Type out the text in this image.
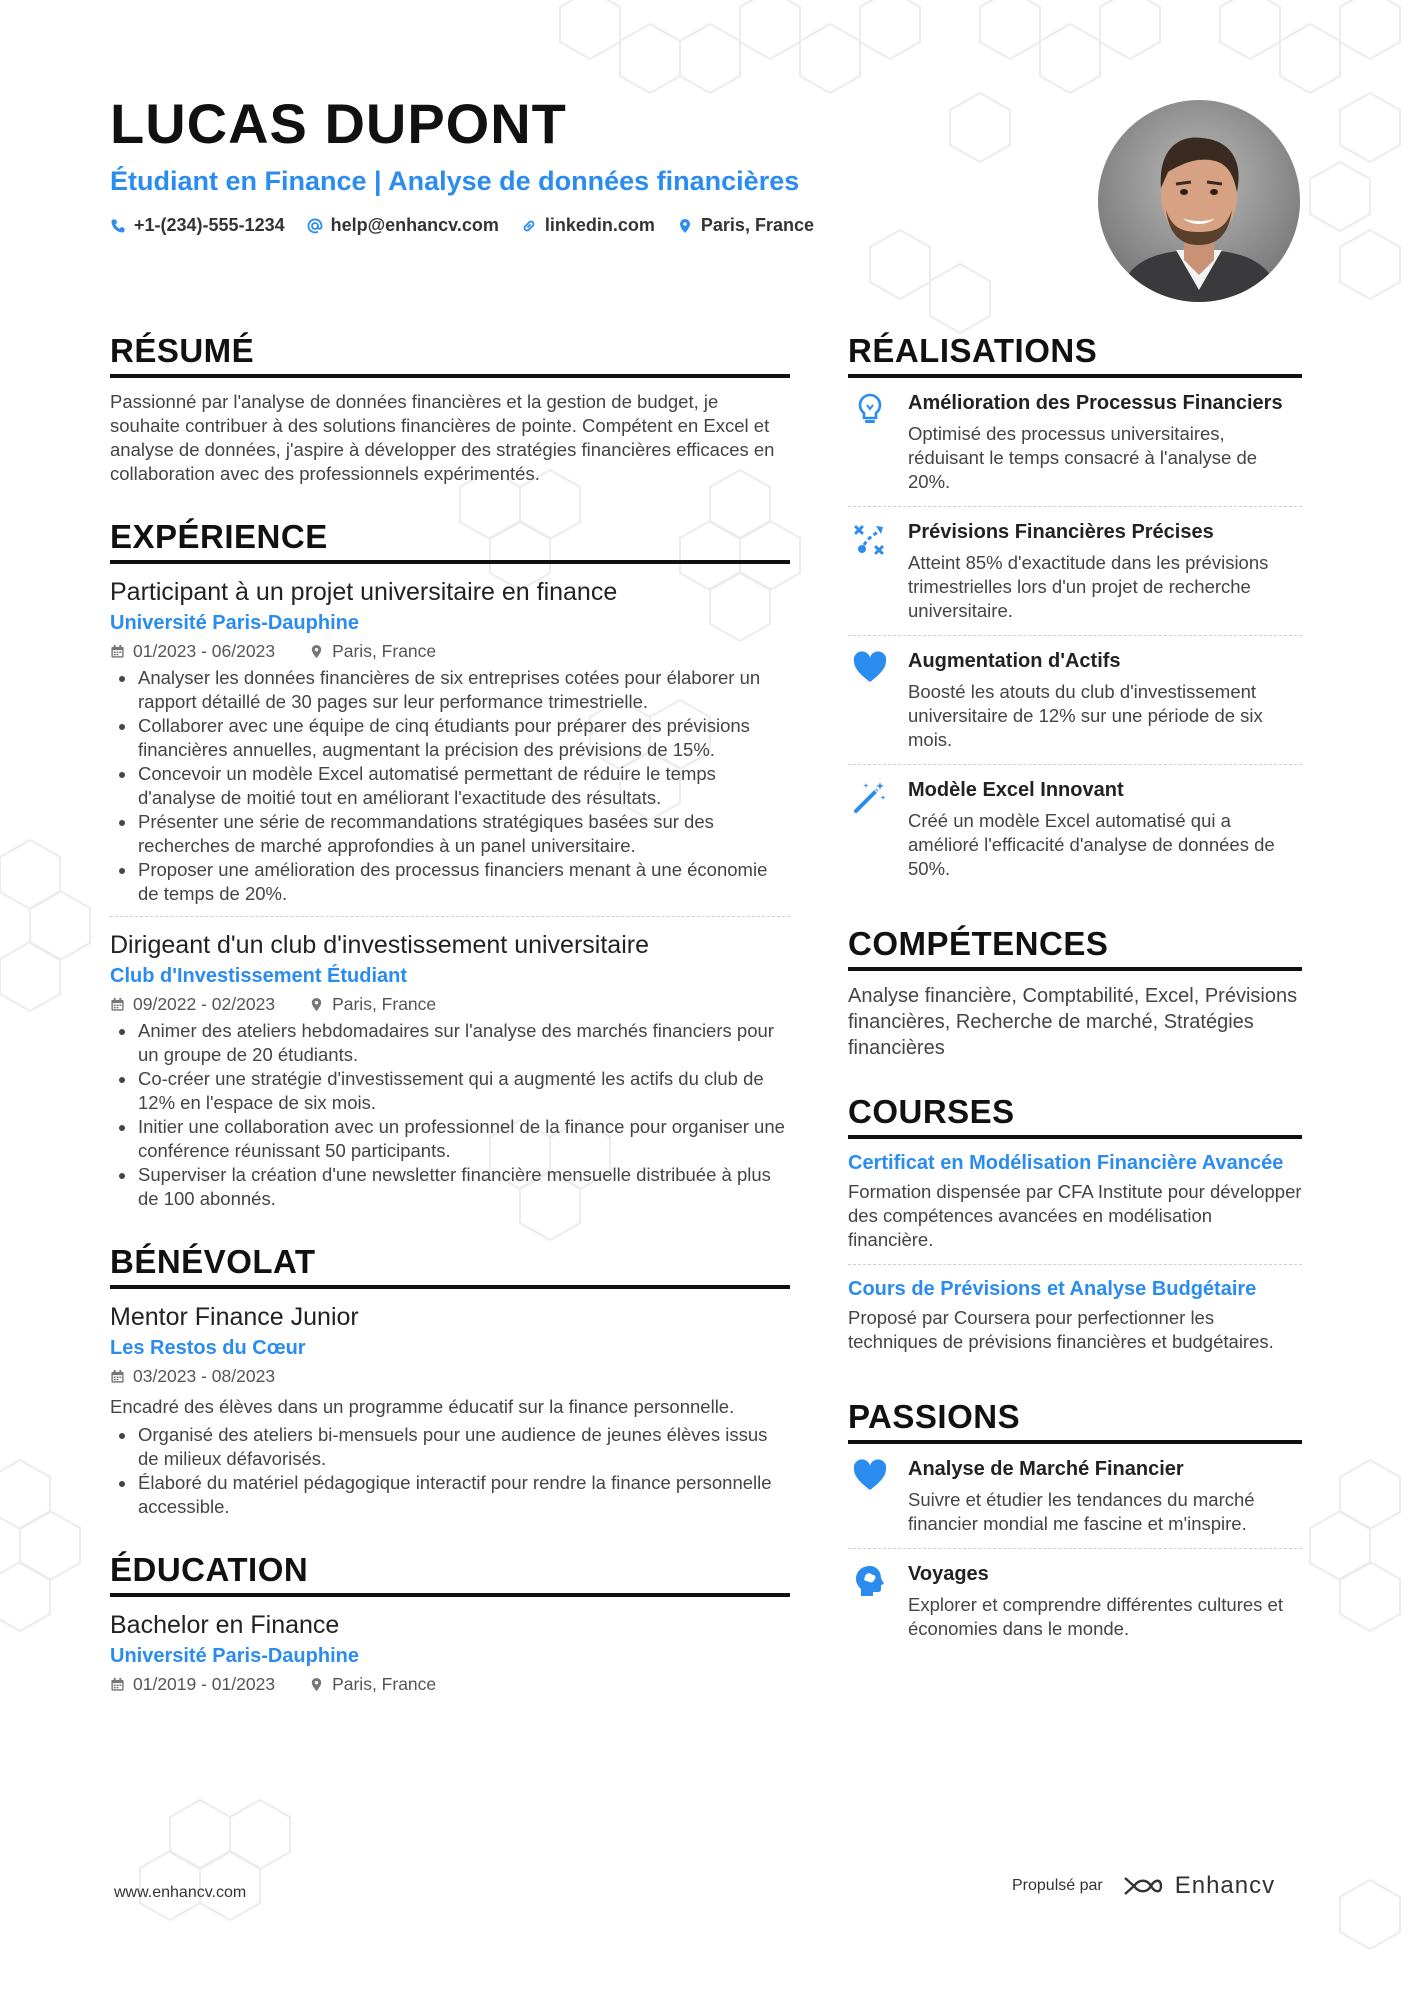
LUCAS DUPONT
Étudiant en Finance | Analyse de données financières
+1-(234)-555-1234	help@enhancv.com	linkedin.com	Paris, France
RÉSUMÉ
Passionné par l'analyse de données financières et la gestion de budget, je souhaite contribuer à des solutions financières de pointe. Compétent en Excel et analyse de données, j'aspire à développer des stratégies financières efficaces en collaboration avec des professionnels expérimentés.
EXPÉRIENCE
Participant à un projet universitaire en finance
Université Paris-Dauphine
01/2023 - 06/2023	Paris, France
Analyser les données financières de six entreprises cotées pour élaborer un rapport détaillé de 30 pages sur leur performance trimestrielle.
Collaborer avec une équipe de cinq étudiants pour préparer des prévisions financières annuelles, augmentant la précision des prévisions de 15%.
Concevoir un modèle Excel automatisé permettant de réduire le temps d'analyse de moitié tout en améliorant l'exactitude des résultats.
Présenter une série de recommandations stratégiques basées sur des recherches de marché approfondies à un panel universitaire.
Proposer une amélioration des processus financiers menant à une économie de temps de 20%.
Dirigeant d'un club d'investissement universitaire
Club d'Investissement Étudiant
09/2022 - 02/2023	Paris, France
Animer des ateliers hebdomadaires sur l'analyse des marchés financiers pour un groupe de 20 étudiants.
Co-créer une stratégie d'investissement qui a augmenté les actifs du club de 12% en l'espace de six mois.
Initier une collaboration avec un professionnel de la finance pour organiser une conférence réunissant 50 participants.
Superviser la création d'une newsletter financière mensuelle distribuée à plus de 100 abonnés.
BÉNÉVOLAT
Mentor Finance Junior
Les Restos du Cœur
03/2023 - 08/2023
Encadré des élèves dans un programme éducatif sur la finance personnelle.
Organisé des ateliers bi-mensuels pour une audience de jeunes élèves issus de milieux défavorisés.
Élaboré du matériel pédagogique interactif pour rendre la finance personnelle accessible.
ÉDUCATION
Bachelor en Finance
Université Paris-Dauphine
01/2019 - 01/2023	Paris, France
RÉALISATIONS
Amélioration des Processus Financiers
Optimisé des processus universitaires, réduisant le temps consacré à l'analyse de 20%.
Prévisions Financières Précises
Atteint 85% d'exactitude dans les prévisions trimestrielles lors d'un projet de recherche universitaire.
Augmentation d'Actifs
Boosté les atouts du club d'investissement universitaire de 12% sur une période de six mois.
Modèle Excel Innovant
Créé un modèle Excel automatisé qui a amélioré l'efficacité d'analyse de données de 50%.
COMPÉTENCES
Analyse financière, Comptabilité, Excel, Prévisions financières, Recherche de marché, Stratégies financières
COURSES
Certificat en Modélisation Financière Avancée
Formation dispensée par CFA Institute pour développer des compétences avancées en modélisation financière.
Cours de Prévisions et Analyse Budgétaire
Proposé par Coursera pour perfectionner les techniques de prévisions financières et budgétaires.
PASSIONS
Analyse de Marché Financier
Suivre et étudier les tendances du marché financier mondial me fascine et m'inspire.
Voyages
Explorer et comprendre différentes cultures et économies dans le monde.
www.enhancv.com	Propulsé par	Enhancv
